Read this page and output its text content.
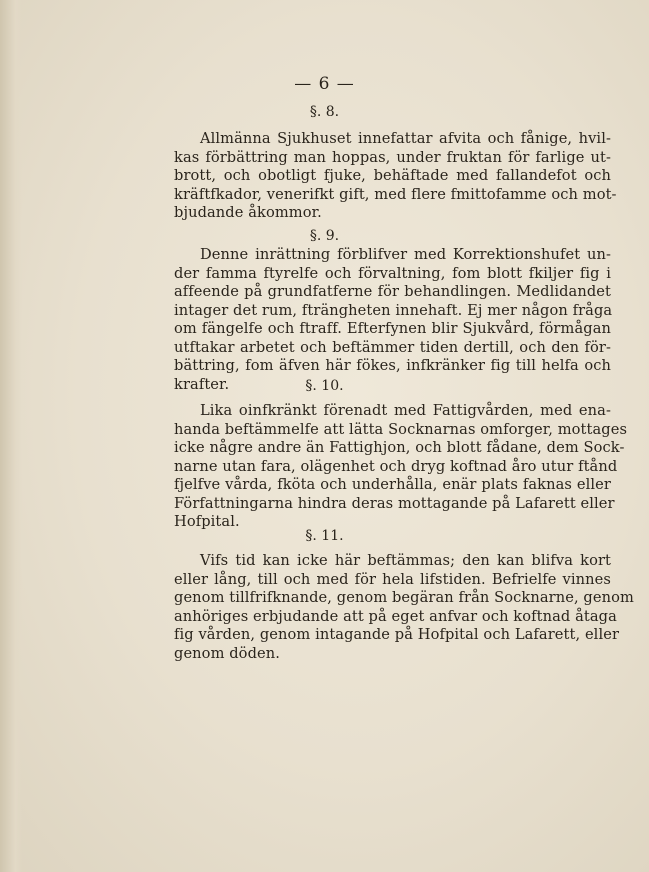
— 6 —
§. 8.
Allmänna Sjukhuset innefattar afvita och fånige, hvil-
kas förbättring man hoppas, under fruktan för farlige ut-
brott, och obotligt fjuke, behäftade med fallandefot och
kräftfkador, venerifkt gift, med flere fmittofamme och mot-
bjudande åkommor.
§. 9.
Denne inrättning förblifver med Korrektionshufet un-
der famma ftyrelfe och förvaltning, fom blott fkiljer fig i
affeende på grundfatferne för behandlingen. Medlidandet
intager det rum, fträngheten innehaft. Ej mer någon fråga
om fängelfe och ftraff. Efterfynen blir Sjukvård, förmågan
utftakar arbetet och beftämmer tiden dertill, och den för-
bättring, fom äfven här fökes, infkränker fig till helfa och
krafter.	§. 10.
Lika oinfkränkt förenadt med Fattigvården, med ena-
handa beftämmelfe att lätta Socknarnas omforger, mottages
icke någre andre än Fattighjon, och blott fådane, dem Sock-
narne utan fara, olägenhet och dryg koftnad åro utur ftånd
fjelfve vårda, fköta och underhålla, enär plats faknas eller
Författningarna hindra deras mottagande på Lafarett eller
Hofpital.
§. 11.
Vifs tid kan icke här beftämmas; den kan blifva kort
eller lång, till och med för hela lifstiden. Befrielfe vinnes
genom tillfrifknande, genom begäran från Socknarne, genom
anhöriges erbjudande att på eget anfvar och koftnad åtaga
fig vården, genom intagande på Hofpital och Lafarett, eller
genom döden.
